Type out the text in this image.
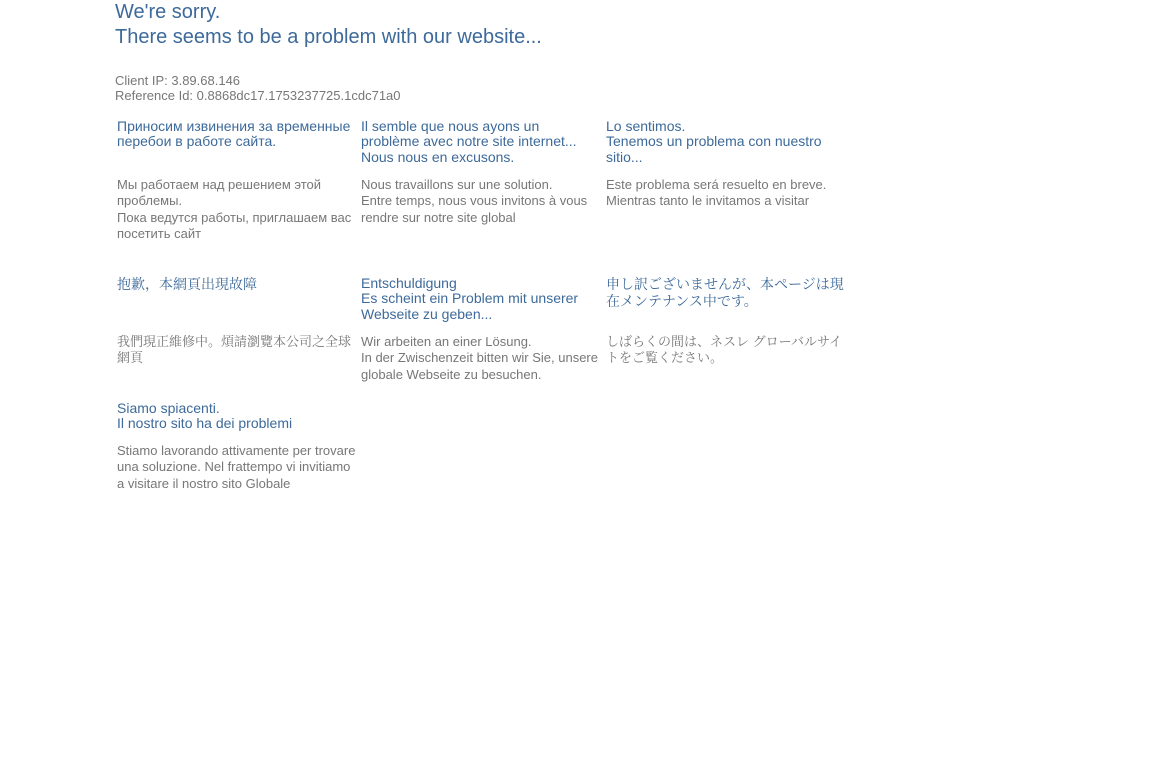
We're sorry.
There seems to be a problem with our website...
Client IP: 3.89.68.146
Reference Id: 0.8868dc17.1753237725.1cdc71a0
Приносим извинения за временные перебои в работе сайта.
Мы работаем над решением этой проблемы.
Пока ведутся работы, приглашаем вас посетить сайт
Il semble que nous ayons un problème avec notre site internet...
Nous nous en excusons.
Nous travaillons sur une solution.
Entre temps, nous vous invitons à vous rendre sur notre site global
Lo sentimos.
Tenemos un problema con nuestro sitio...
Este problema será resuelto en breve.
Mientras tanto le invitamos a visitar
抱歉，本網頁出現故障
我們現正維修中。煩請瀏覽本公司之全球網頁
Entschuldigung
Es scheint ein Problem mit unserer Webseite zu geben...
Wir arbeiten an einer Lösung.
In der Zwischenzeit bitten wir Sie, unsere globale Webseite zu besuchen.
申し訳ございませんが、本ページは現在メンテナンス中です。
しばらくの間は、ネスレ グローバルサイトをご覧ください。
Siamo spiacenti.
Il nostro sito ha dei problemi
Stiamo lavorando attivamente per trovare una soluzione. Nel frattempo vi invitiamo a visitare il nostro sito Globale
